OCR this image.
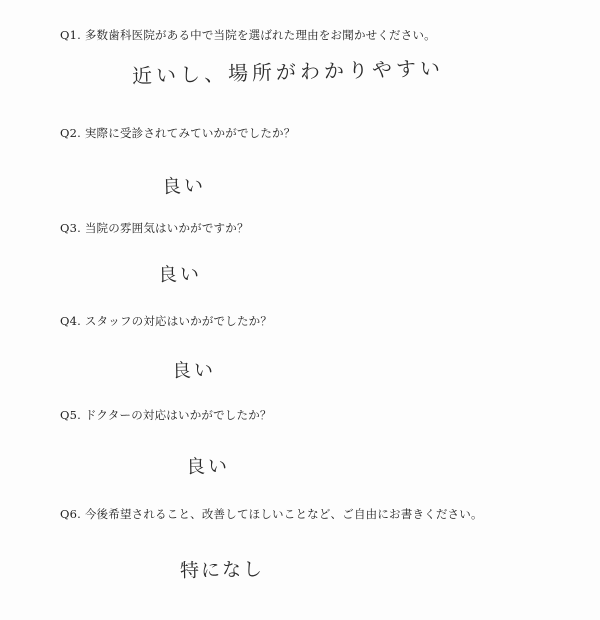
Q1. 多数歯科医院がある中で当院を選ばれた理由をお聞かせください。
近いし、場所がわかりやすい
Q2. 実際に受診されてみていかがでしたか？
良い
Q3. 当院の雰囲気はいかがですか？
良い
Q4. スタッフの対応はいかがでしたか？
良い
Q5. ドクターの対応はいかがでしたか？
良い
Q6. 今後希望されること、改善してほしいことなど、ご自由にお書きください。
特になし
